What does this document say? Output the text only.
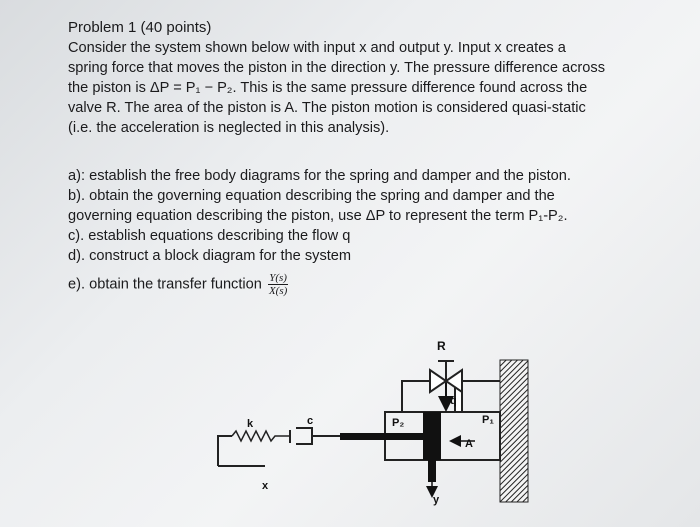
Problem 1 (40 points)
Consider the system shown below with input x and output y. Input x creates a
spring force that moves the piston in the direction y. The pressure difference across
the piston is ΔP = P₁ − P₂. This is the same pressure difference found across the
valve R. The area of the piston is A. The piston motion is considered quasi-static
(i.e. the acceleration is neglected in this analysis).
a): establish the free body diagrams for the spring and damper and the piston.
b). obtain the governing equation describing the spring and damper and the
governing equation describing the piston, use ΔP to represent the term P₁-P₂.
c). establish equations describing the flow q
d). construct a block diagram for the system
e). obtain the transfer function $\frac{Y(s)}{X(s)}$
k	c
x
R
q
P₂	P₁
A
y
